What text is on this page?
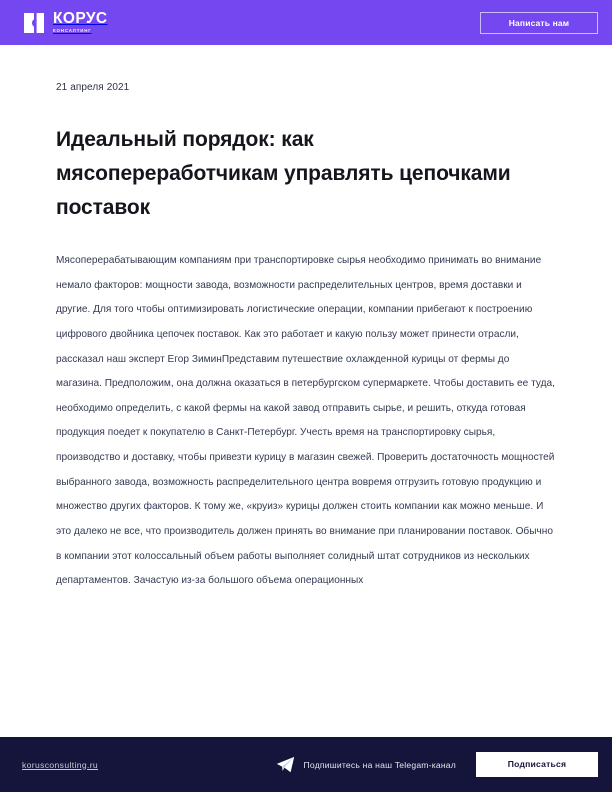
КОРУС
КОНСАЛТИНГ
Написать нам
21 апреля 2021
Идеальный порядок: как мясопереработчикам управлять цепочками поставок

Мясоперерабатывающим компаниям при транспортировке сырья необходимо принимать во внимание немало факторов: мощности завода, возможности распределительных центров, время доставки и другие. Для того чтобы оптимизировать логистические операции, компании прибегают к построению цифрового двойника цепочек поставок. Как это работает и какую пользу может принести отрасли, рассказал наш эксперт Егор ЗиминПредставим путешествие охлажденной курицы от фермы до магазина. Предположим, она должна оказаться в петербургском супермаркете. Чтобы доставить ее туда, необходимо определить, с какой фермы на какой завод отправить сырье, и решить, откуда готовая продукция поедет к покупателю в Санкт-Петербург. Учесть время на транспортировку сырья, производство и доставку, чтобы привезти курицу в магазин свежей. Проверить достаточность мощностей выбранного завода, возможность распределительного центра вовремя отгрузить готовую продукцию и множество других факторов. К тому же, «круиз» курицы должен стоить компании как можно меньше. И это далеко не все, что производитель должен принять во внимание при планировании поставок. Обычно в компании этот колоссальный объем работы выполняет солидный штат сотрудников из нескольких департаментов. Зачастую из-за большого объема операционных

korusconsulting.ru	Подпишитесь на наш Telegam-канал	Подписаться
